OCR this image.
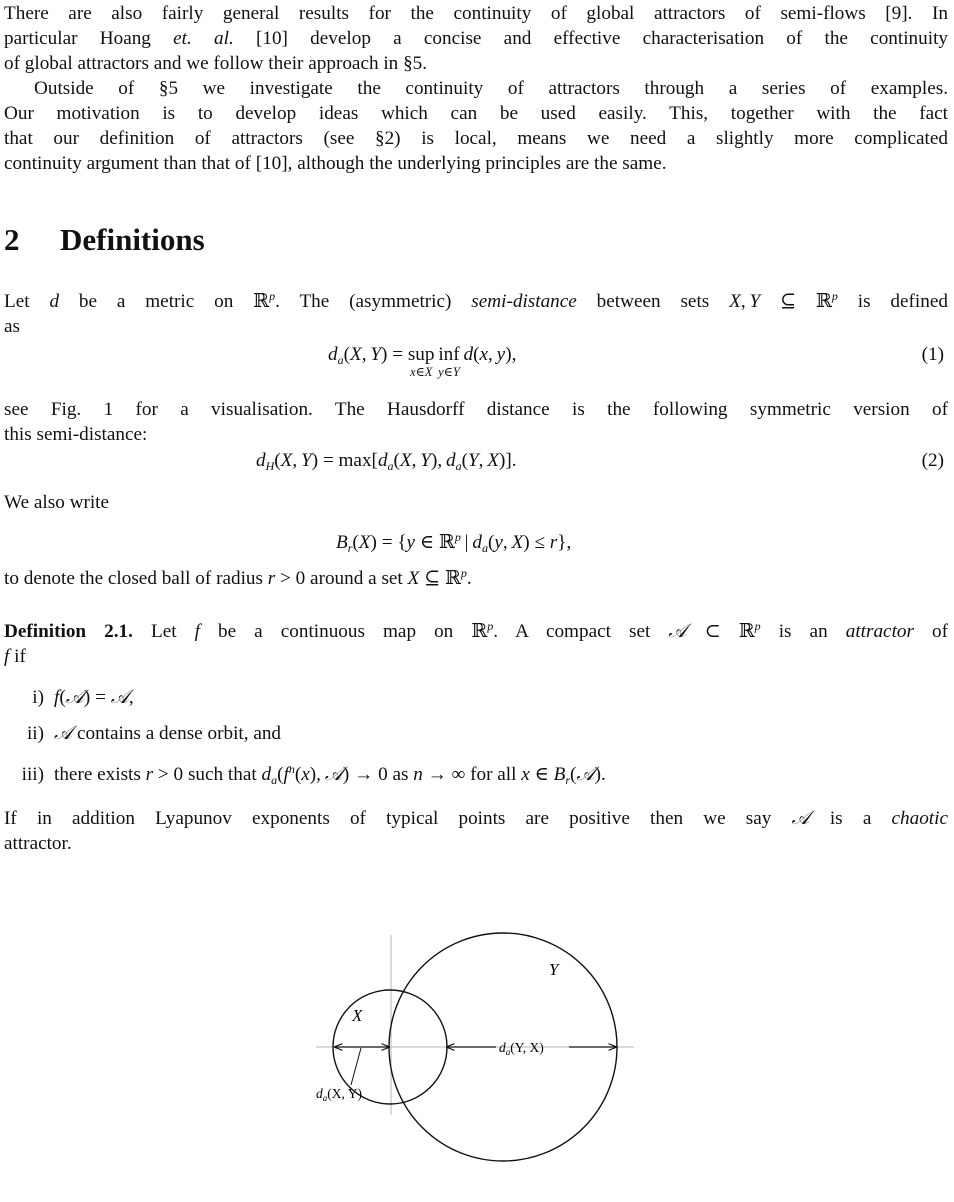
There are also fairly general results for the continuity of global attractors of semi-flows [9]. In
particular Hoang et. al. [10] develop a concise and effective characterisation of the continuity
of global attractors and we follow their approach in §5.
Outside of §5 we investigate the continuity of attractors through a series of examples.
Our motivation is to develop ideas which can be used easily. This, together with the fact
that our definition of attractors (see §2) is local, means we need a slightly more complicated
continuity argument than that of [10], although the underlying principles are the same.
2 Definitions
Let d be a metric on ℝ$^p$. The (asymmetric) semi-distance between sets X, Y ⊆ ℝ$^p$ is defined
as
$d_a(X$, Y) = sup
x∈X
 inf
y∈Y
 d(x, y),	(1)
see Fig. 1 for a visualisation. The Hausdorff distance is the following symmetric version of
this semi-distance:
$d_H(X$, $Y) = \max[d_a(X$, Y), $d_a(Y$, X)].	(2)
We also write
$B_r(X) = \{y$ ∈ ℝ$^p$ | $d_a(y$, X) ≤ r},
to denote the closed ball of radius r > 0 around a set X ⊆ ℝ$^p$.
Definition 2.1. Let f be a continuous map on ℝ$^p$. A compact set 𝒜 ⊂ ℝ$^p$ is an attractor of
f if
i) f(𝒜) = 𝒜,
ii) 𝒜 contains a dense orbit, and
iii) there exists r > 0 such that $d_a(f^n(x)$, 𝒜) → 0 as n → ∞ for all x ∈ $B_r(𝒜)$.
If in addition Lyapunov exponents of typical points are positive then we say 𝒜 is a chaotic
attractor.
Y
X
$d_a(Y$, X)
$d_a(X$, Y)
